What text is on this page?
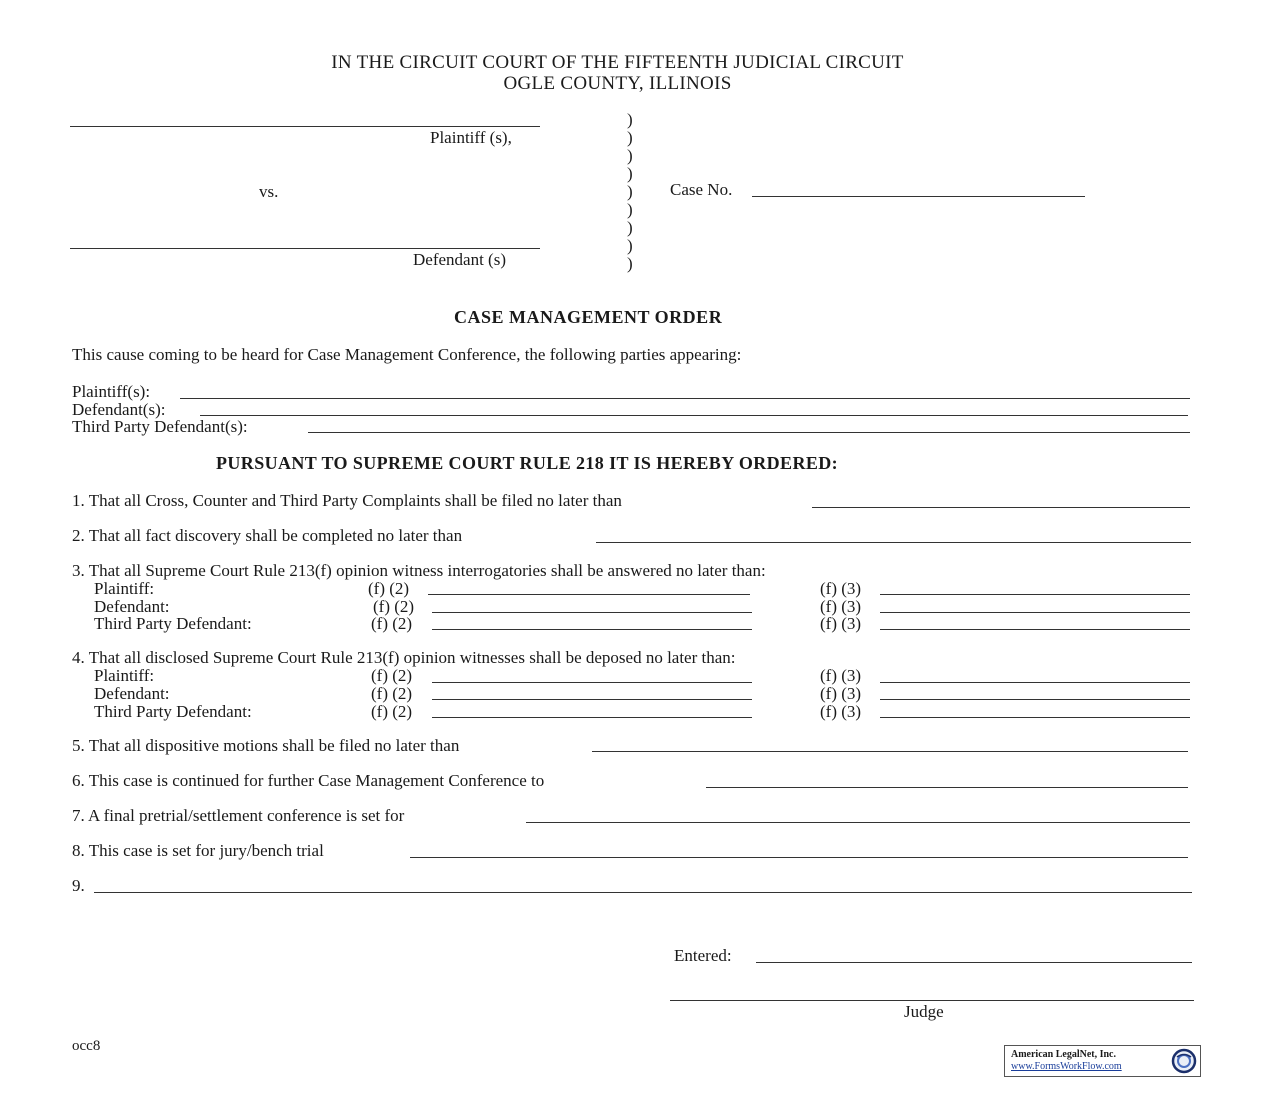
IN THE CIRCUIT COURT OF THE FIFTEENTH JUDICIAL CIRCUIT
OGLE COUNTY, ILLINOIS
Plaintiff (s),
vs.
Defendant (s)
)
)
)
)
)
)
)
)
)
Case No.
CASE MANAGEMENT ORDER
This cause coming to be heard for Case Management Conference, the following parties appearing:
Plaintiff(s):
Defendant(s):
Third Party Defendant(s):
PURSUANT TO SUPREME COURT RULE 218 IT IS HEREBY ORDERED:
1. That all Cross, Counter and Third Party Complaints shall be filed no later than
2. That all fact discovery shall be completed no later than
3. That all Supreme Court Rule 213(f) opinion witness interrogatories shall be answered no later than:
Plaintiff:	(f) (2)	(f) (3)
Defendant:	(f) (2)	(f) (3)
Third Party Defendant:	(f) (2)	(f) (3)
4. That all disclosed Supreme Court Rule 213(f) opinion witnesses shall be deposed no later than:
Plaintiff:	(f) (2)	(f) (3)
Defendant:	(f) (2)	(f) (3)
Third Party Defendant:	(f) (2)	(f) (3)
5. That all dispositive motions shall be filed no later than
6. This case is continued for further Case Management Conference to
7. A final pretrial/settlement conference is set for
8. This case is set for jury/bench trial
9.
Entered:
Judge
occ8
American LegalNet, Inc.
www.FormsWorkFlow.com
